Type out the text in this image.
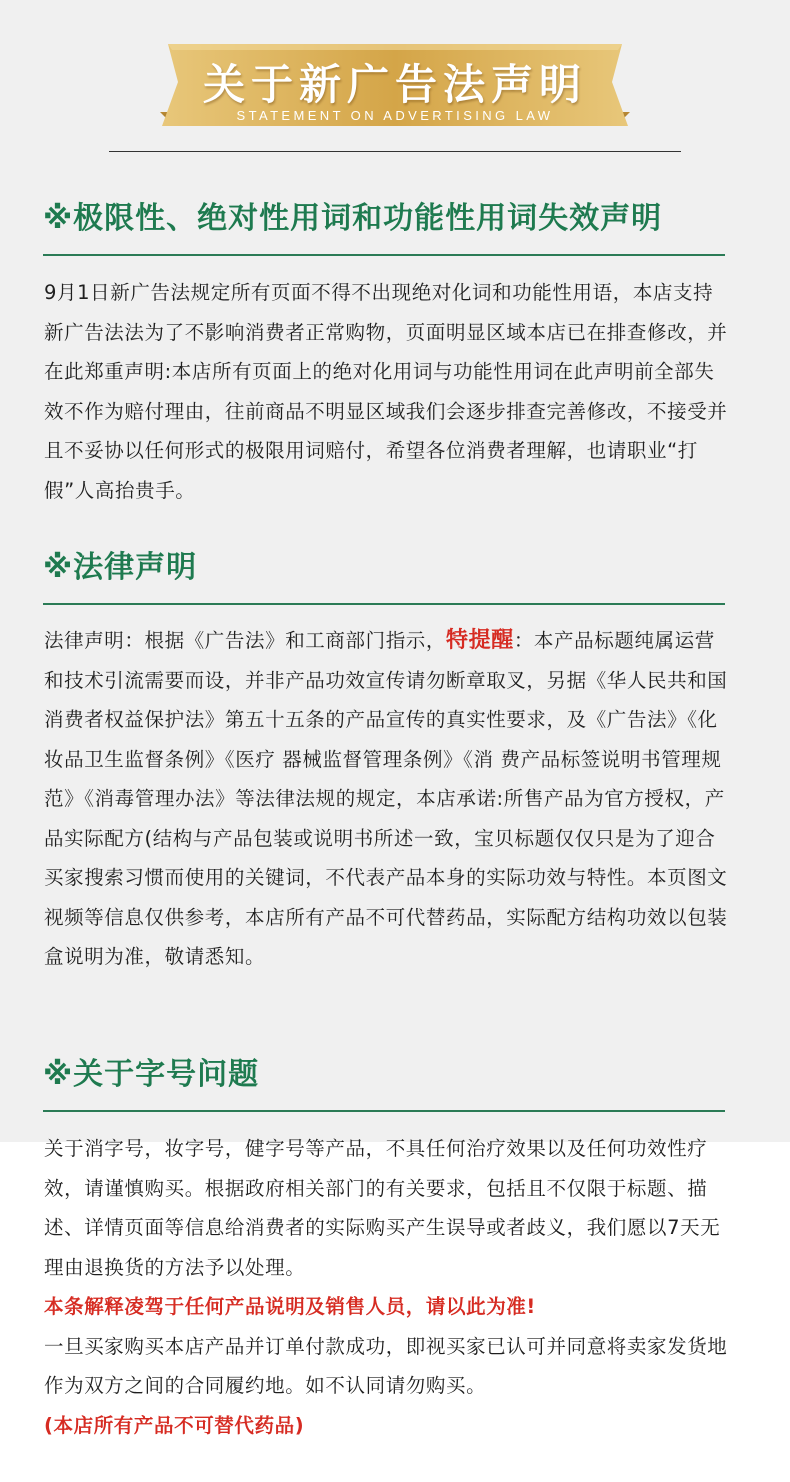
关于新广告法声明
STATEMENT ON ADVERTISING LAW
※极限性、绝对性用词和功能性用词失效声明

9月1日新广告法规定所有页面不得不出现绝对化词和功能性用语，本店支持新广告法法为了不影响消费者正常购物，页面明显区域本店已在排查修改，并在此郑重声明:本店所有页面上的绝对化用词与功能性用词在此声明前全部失效不作为赔付理由，往前商品不明显区域我们会逐步排查完善修改，不接受并且不妥协以任何形式的极限用词赔付，希望各位消费者理解，也请职业“打假”人高抬贵手。

※法律声明

法律声明：根据《广告法》和工商部门指示，特提醒：本产品标题纯属运营和技术引流需要而设，并非产品功效宣传请勿断章取叉，另据《华人民共和国消费者权益保护法》第五十五条的产品宣传的真实性要求，及《广告法》《化妆品卫生监督条例》《医疗 器械监督管理条例》《消 费产品标签说明书管理规范》《消毒管理办法》等法律法规的规定，本店承诺:所售产品为官方授权，产品实际配方(结构与产品包装或说明书所述一致，宝贝标题仅仅只是为了迎合买家搜索习惯而使用的关键词，不代表产品本身的实际功效与特性。本页图文视频等信息仅供参考，本店所有产品不可代替药品，实际配方结构功效以包装盒说明为准，敬请悉知。

※关于字号问题

关于消字号，妆字号，健字号等产品，不具任何治疗效果以及任何功效性疗效，请谨慎购买。根据政府相关部门的有关要求，包括且不仅限于标题、描述、详情页面等信息给消费者的实际购买产生误导或者歧义，我们愿以7天无理由退换货的方法予以处理。

本条解释凌驾于任何产品说明及销售人员，请以此为准!

一旦买家购买本店产品并订单付款成功，即视买家已认可并同意将卖家发货地作为双方之间的合同履约地。如不认同请勿购买。

(本店所有产品不可替代药品)
